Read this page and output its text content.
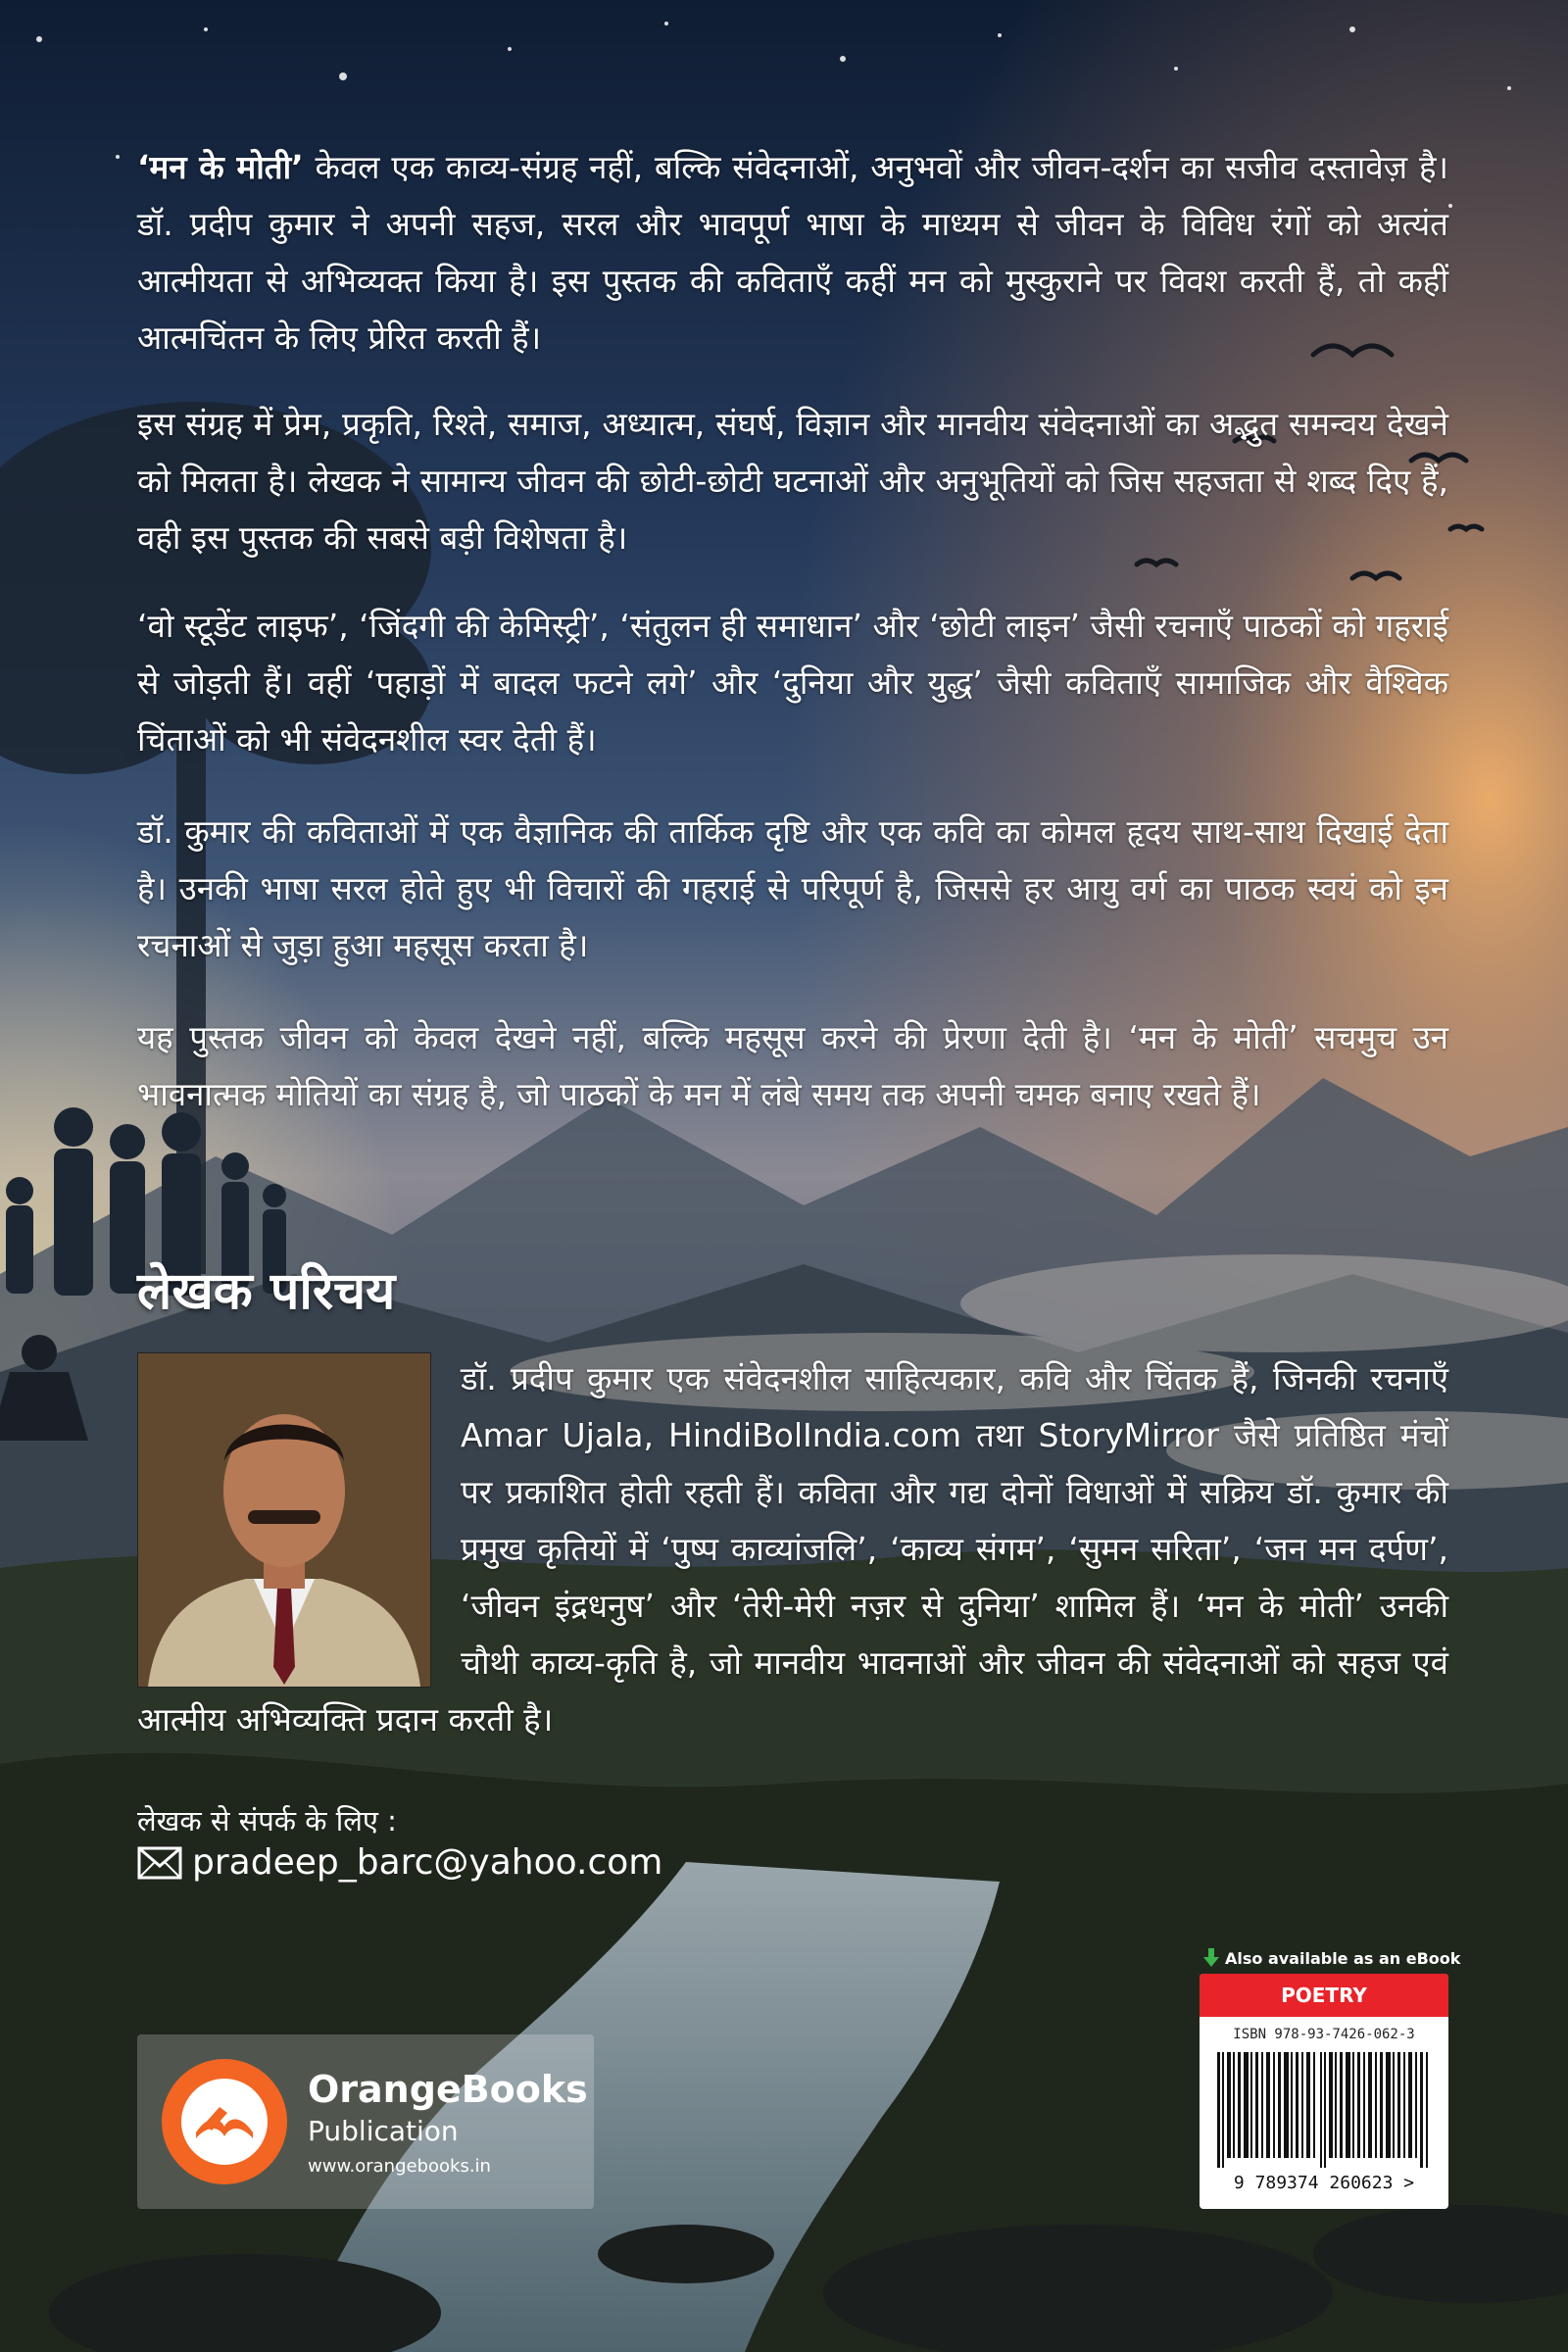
‘मन के मोती’ केवल एक काव्य-संग्रह नहीं, बल्कि संवेदनाओं, अनुभवों और जीवन-दर्शन का सजीव दस्तावेज़ है। डॉ. प्रदीप कुमार ने अपनी सहज, सरल और भावपूर्ण भाषा के माध्यम से जीवन के विविध रंगों को अत्यंत आत्मीयता से अभिव्यक्त किया है। इस पुस्तक की कविताएँ कहीं मन को मुस्कुराने पर विवश करती हैं, तो कहीं आत्मचिंतन के लिए प्रेरित करती हैं।

इस संग्रह में प्रेम, प्रकृति, रिश्ते, समाज, अध्यात्म, संघर्ष, विज्ञान और मानवीय संवेदनाओं का अद्भुत समन्वय देखने को मिलता है। लेखक ने सामान्य जीवन की छोटी-छोटी घटनाओं और अनुभूतियों को जिस सहजता से शब्द दिए हैं, वही इस पुस्तक की सबसे बड़ी विशेषता है।

‘वो स्टूडेंट लाइफ’, ‘जिंदगी की केमिस्ट्री’, ‘संतुलन ही समाधान’ और ‘छोटी लाइन’ जैसी रचनाएँ पाठकों को गहराई से जोड़ती हैं। वहीं ‘पहाड़ों में बादल फटने लगे’ और ‘दुनिया और युद्ध’ जैसी कविताएँ सामाजिक और वैश्विक चिंताओं को भी संवेदनशील स्वर देती हैं।

डॉ. कुमार की कविताओं में एक वैज्ञानिक की तार्किक दृष्टि और एक कवि का कोमल हृदय साथ-साथ दिखाई देता है। उनकी भाषा सरल होते हुए भी विचारों की गहराई से परिपूर्ण है, जिससे हर आयु वर्ग का पाठक स्वयं को इन रचनाओं से जुड़ा हुआ महसूस करता है।

यह पुस्तक जीवन को केवल देखने नहीं, बल्कि महसूस करने की प्रेरणा देती है। ‘मन के मोती’ सचमुच उन भावनात्मक मोतियों का संग्रह है, जो पाठकों के मन में लंबे समय तक अपनी चमक बनाए रखते हैं।

लेखक परिचय

डॉ. प्रदीप कुमार एक संवेदनशील साहित्यकार, कवि और चिंतक हैं, जिनकी रचनाएँ Amar Ujala, HindiBolIndia.com तथा StoryMirror जैसे प्रतिष्ठित मंचों पर प्रकाशित होती रहती हैं। कविता और गद्य दोनों विधाओं में सक्रिय डॉ. कुमार की प्रमुख कृतियों में ‘पुष्प काव्यांजलि’, ‘काव्य संगम’, ‘सुमन सरिता’, ‘जन मन दर्पण’, ‘जीवन इंद्रधनुष’ और ‘तेरी-मेरी नज़र से दुनिया’ शामिल हैं। ‘मन के मोती’ उनकी चौथी काव्य-कृति है, जो मानवीय भावनाओं और जीवन की संवेदनाओं को सहज एवं आत्मीय अभिव्यक्ति प्रदान करती है।

लेखक से संपर्क के लिए :

pradeep_barc@yahoo.com
OrangeBooks
Publication
www.orangebooks.in
Also available as an eBook
POETRY
ISBN 978-93-7426-062-3
9 789374 260623 >
